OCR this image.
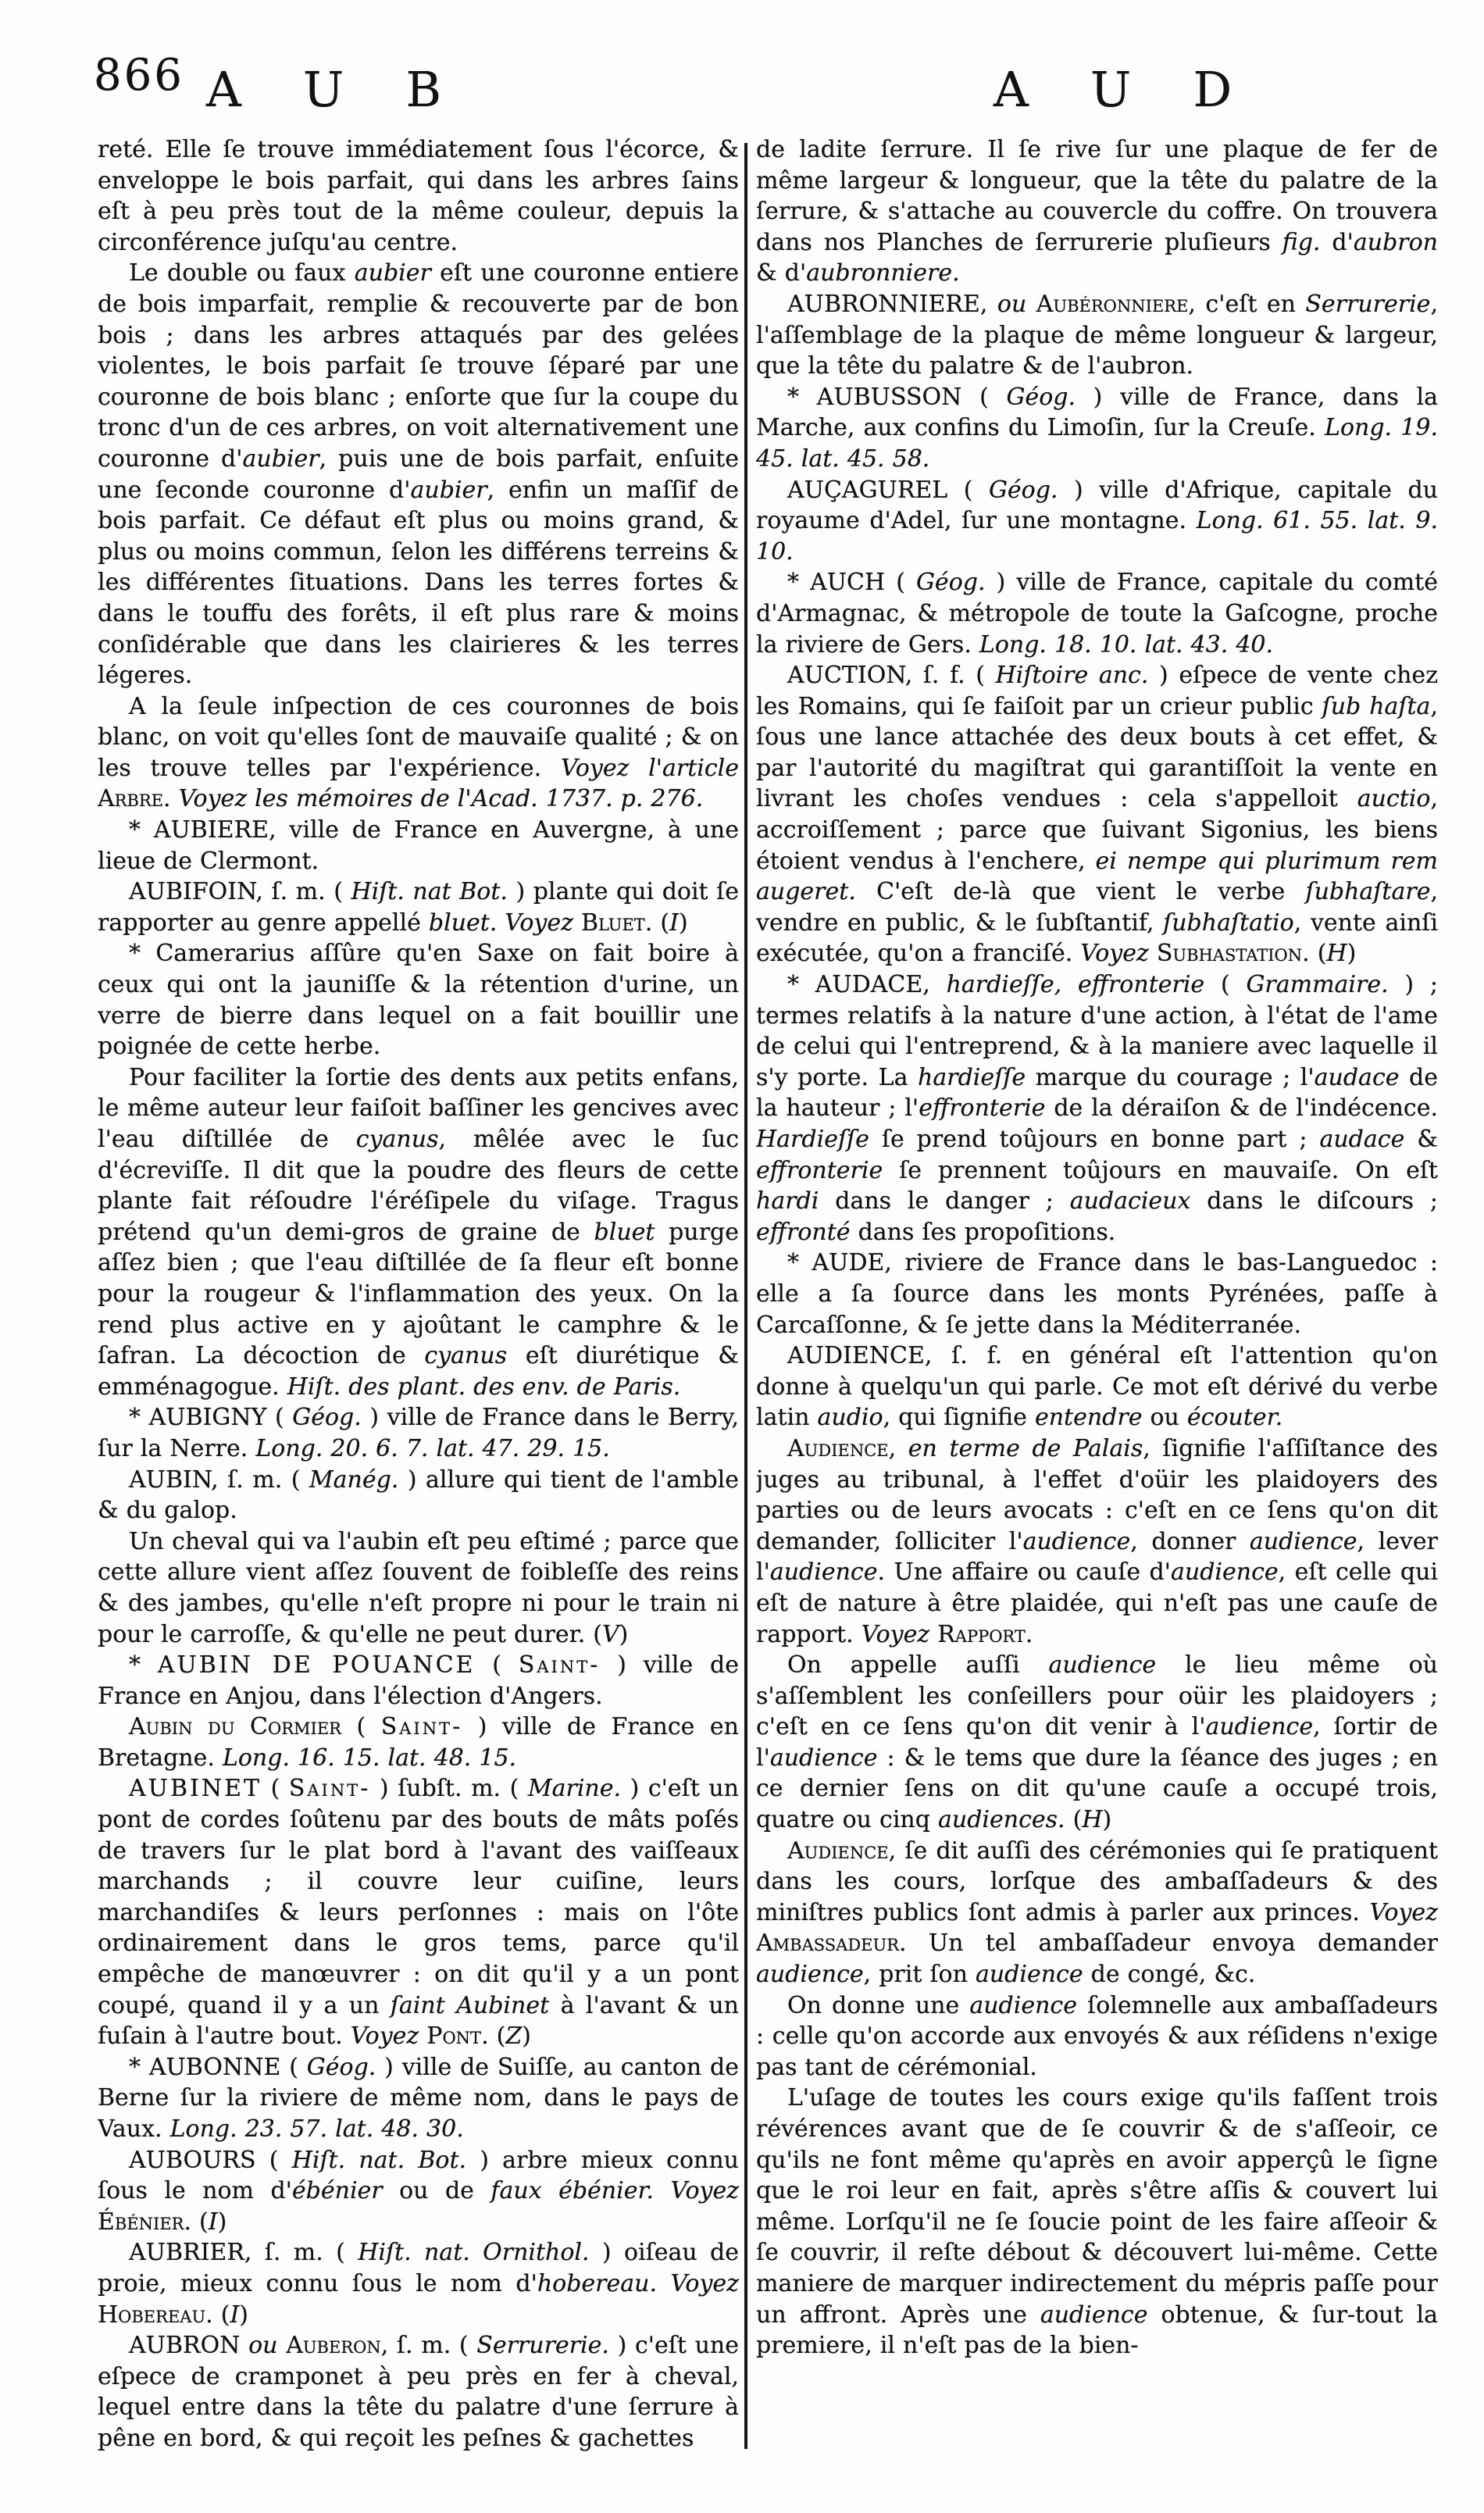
866 A U B	A U D

reté. Elle ſe trouve immédiatement ſous l'écorce, & enveloppe le bois parfait, qui dans les arbres ſains eſt à peu près tout de la même couleur, depuis la circonférence juſqu'au centre.

Le double ou faux aubier eſt une couronne entiere de bois imparfait, remplie & recouverte par de bon bois ; dans les arbres attaqués par des gelées violentes, le bois parfait ſe trouve ſéparé par une couronne de bois blanc ; enſorte que ſur la coupe du tronc d'un de ces arbres, on voit alternativement une couronne d'aubier, puis une de bois parfait, enſuite une ſeconde couronne d'aubier, enfin un maſſif de bois parfait. Ce défaut eſt plus ou moins grand, & plus ou moins commun, ſelon les différens terreins & les différentes ſituations. Dans les terres fortes & dans le touffu des forêts, il eſt plus rare & moins conſidérable que dans les clairieres & les terres légeres.

A la ſeule inſpection de ces couronnes de bois blanc, on voit qu'elles ſont de mauvaiſe qualité ; & on les trouve telles par l'expérience. Voyez l'article Arbre. Voyez les mémoires de l'Acad. 1737. p. 276.

* AUBIERE, ville de France en Auvergne, à une lieue de Clermont.

AUBIFOIN, ſ. m. ( Hiſt. nat Bot. ) plante qui doit ſe rapporter au genre appellé bluet. Voyez Bluet. (I)

* Camerarius aſſûre qu'en Saxe on fait boire à ceux qui ont la jauniſſe & la rétention d'urine, un verre de bierre dans lequel on a fait bouillir une poignée de cette herbe.

Pour faciliter la ſortie des dents aux petits enfans, le même auteur leur faiſoit baſſiner les gencives avec l'eau diſtillée de cyanus, mêlée avec le ſuc d'écreviſſe. Il dit que la poudre des fleurs de cette plante fait réſoudre l'éréſipele du viſage. Tragus prétend qu'un demi-gros de graine de bluet purge aſſez bien ; que l'eau diſtillée de ſa fleur eſt bonne pour la rougeur & l'inflammation des yeux. On la rend plus active en y ajoûtant le camphre & le ſafran. La décoction de cyanus eſt diurétique & emménagogue. Hiſt. des plant. des env. de Paris.

* AUBIGNY ( Géog. ) ville de France dans le Berry, ſur la Nerre. Long. 20. 6. 7. lat. 47. 29. 15.

AUBIN, ſ. m. ( Manég. ) allure qui tient de l'amble & du galop.

Un cheval qui va l'aubin eſt peu eſtimé ; parce que cette allure vient aſſez ſouvent de foibleſſe des reins & des jambes, qu'elle n'eſt propre ni pour le train ni pour le carroſſe, & qu'elle ne peut durer. (V)

* AUBIN DE POUANCE ( Saint- ) ville de France en Anjou, dans l'élection d'Angers.

Aubin du Cormier ( Saint- ) ville de France en Bretagne. Long. 16. 15. lat. 48. 15.

AUBINET ( Saint- ) ſubſt. m. ( Marine. ) c'eſt un pont de cordes ſoûtenu par des bouts de mâts poſés de travers ſur le plat bord à l'avant des vaiſſeaux marchands ; il couvre leur cuiſine, leurs marchandiſes & leurs perſonnes : mais on l'ôte ordinairement dans le gros tems, parce qu'il empêche de manœuvrer : on dit qu'il y a un pont coupé, quand il y a un ſaint Aubinet à l'avant & un fuſain à l'autre bout. Voyez Pont. (Z)

* AUBONNE ( Géog. ) ville de Suiſſe, au canton de Berne ſur la riviere de même nom, dans le pays de Vaux. Long. 23. 57. lat. 48. 30.

AUBOURS ( Hiſt. nat. Bot. ) arbre mieux connu ſous le nom d'ébénier ou de faux ébénier. Voyez Ébénier. (I)

AUBRIER, ſ. m. ( Hiſt. nat. Ornithol. ) oiſeau de proie, mieux connu ſous le nom d'hobereau. Voyez Hobereau. (I)

AUBRON ou Auberon, ſ. m. ( Serrurerie. ) c'eſt une eſpece de cramponet à peu près en fer à cheval, lequel entre dans la tête du palatre d'une ſerrure à pêne en bord, & qui reçoit les peſnes & gachettes

de ladite ſerrure. Il ſe rive ſur une plaque de fer de même largeur & longueur, que la tête du palatre de la ſerrure, & s'attache au couvercle du coffre. On trouvera dans nos Planches de ſerrurerie pluſieurs fig. d'aubron & d'aubronniere.

AUBRONNIERE, ou Aubéronniere, c'eſt en Serrurerie, l'aſſemblage de la plaque de même longueur & largeur, que la tête du palatre & de l'aubron.

* AUBUSSON ( Géog. ) ville de France, dans la Marche, aux confins du Limoſin, ſur la Creuſe. Long. 19. 45. lat. 45. 58.

AUÇAGUREL ( Géog. ) ville d'Afrique, capitale du royaume d'Adel, ſur une montagne. Long. 61. 55. lat. 9. 10.

* AUCH ( Géog. ) ville de France, capitale du comté d'Armagnac, & métropole de toute la Gaſcogne, proche la riviere de Gers. Long. 18. 10. lat. 43. 40.

AUCTION, ſ. f. ( Hiſtoire anc. ) eſpece de vente chez les Romains, qui ſe faiſoit par un crieur public ſub haſta, ſous une lance attachée des deux bouts à cet effet, & par l'autorité du magiſtrat qui garantiſſoit la vente en livrant les choſes vendues : cela s'appelloit auctio, accroiſſement ; parce que ſuivant Sigonius, les biens étoient vendus à l'enchere, ei nempe qui plurimum rem augeret. C'eſt de-là que vient le verbe ſubhaſtare, vendre en public, & le ſubſtantif, ſubhaſtatio, vente ainſi exécutée, qu'on a franciſé. Voyez Subhastation. (H)

* AUDACE, hardieſſe, effronterie ( Grammaire. ) ; termes relatifs à la nature d'une action, à l'état de l'ame de celui qui l'entreprend, & à la maniere avec laquelle il s'y porte. La hardieſſe marque du courage ; l'audace de la hauteur ; l'effronterie de la déraiſon & de l'indécence. Hardieſſe ſe prend toûjours en bonne part ; audace & effronterie ſe prennent toûjours en mauvaiſe. On eſt hardi dans le danger ; audacieux dans le diſcours ; effronté dans ſes propoſitions.

* AUDE, riviere de France dans le bas-Languedoc : elle a ſa ſource dans les monts Pyrénées, paſſe à Carcaſſonne, & ſe jette dans la Méditerranée.

AUDIENCE, ſ. f. en général eſt l'attention qu'on donne à quelqu'un qui parle. Ce mot eſt dérivé du verbe latin audio, qui ſignifie entendre ou écouter.

Audience, en terme de Palais, ſignifie l'aſſiſtance des juges au tribunal, à l'effet d'oüir les plaidoyers des parties ou de leurs avocats : c'eſt en ce ſens qu'on dit demander, ſolliciter l'audience, donner audience, lever l'audience. Une affaire ou cauſe d'audience, eſt celle qui eſt de nature à être plaidée, qui n'eſt pas une cauſe de rapport. Voyez Rapport.

On appelle auſſi audience le lieu même où s'aſſemblent les conſeillers pour oüir les plaidoyers ; c'eſt en ce ſens qu'on dit venir à l'audience, ſortir de l'audience : & le tems que dure la ſéance des juges ; en ce dernier ſens on dit qu'une cauſe a occupé trois, quatre ou cinq audiences. (H)

Audience, ſe dit auſſi des cérémonies qui ſe pratiquent dans les cours, lorſque des ambaſſadeurs & des miniſtres publics ſont admis à parler aux princes. Voyez Ambassadeur. Un tel ambaſſadeur envoya demander audience, prit ſon audience de congé, &c.

On donne une audience ſolemnelle aux ambaſſadeurs : celle qu'on accorde aux envoyés & aux réſidens n'exige pas tant de cérémonial.

L'uſage de toutes les cours exige qu'ils faſſent trois révérences avant que de ſe couvrir & de s'aſſeoir, ce qu'ils ne font même qu'après en avoir apperçû le ſigne que le roi leur en fait, après s'être aſſis & couvert lui même. Lorſqu'il ne ſe ſoucie point de les faire aſſeoir & ſe couvrir, il reſte débout & découvert lui-même. Cette maniere de marquer indirectement du mépris paſſe pour un affront. Après une audience obtenue, & ſur-tout la premiere, il n'eſt pas de la bien-
